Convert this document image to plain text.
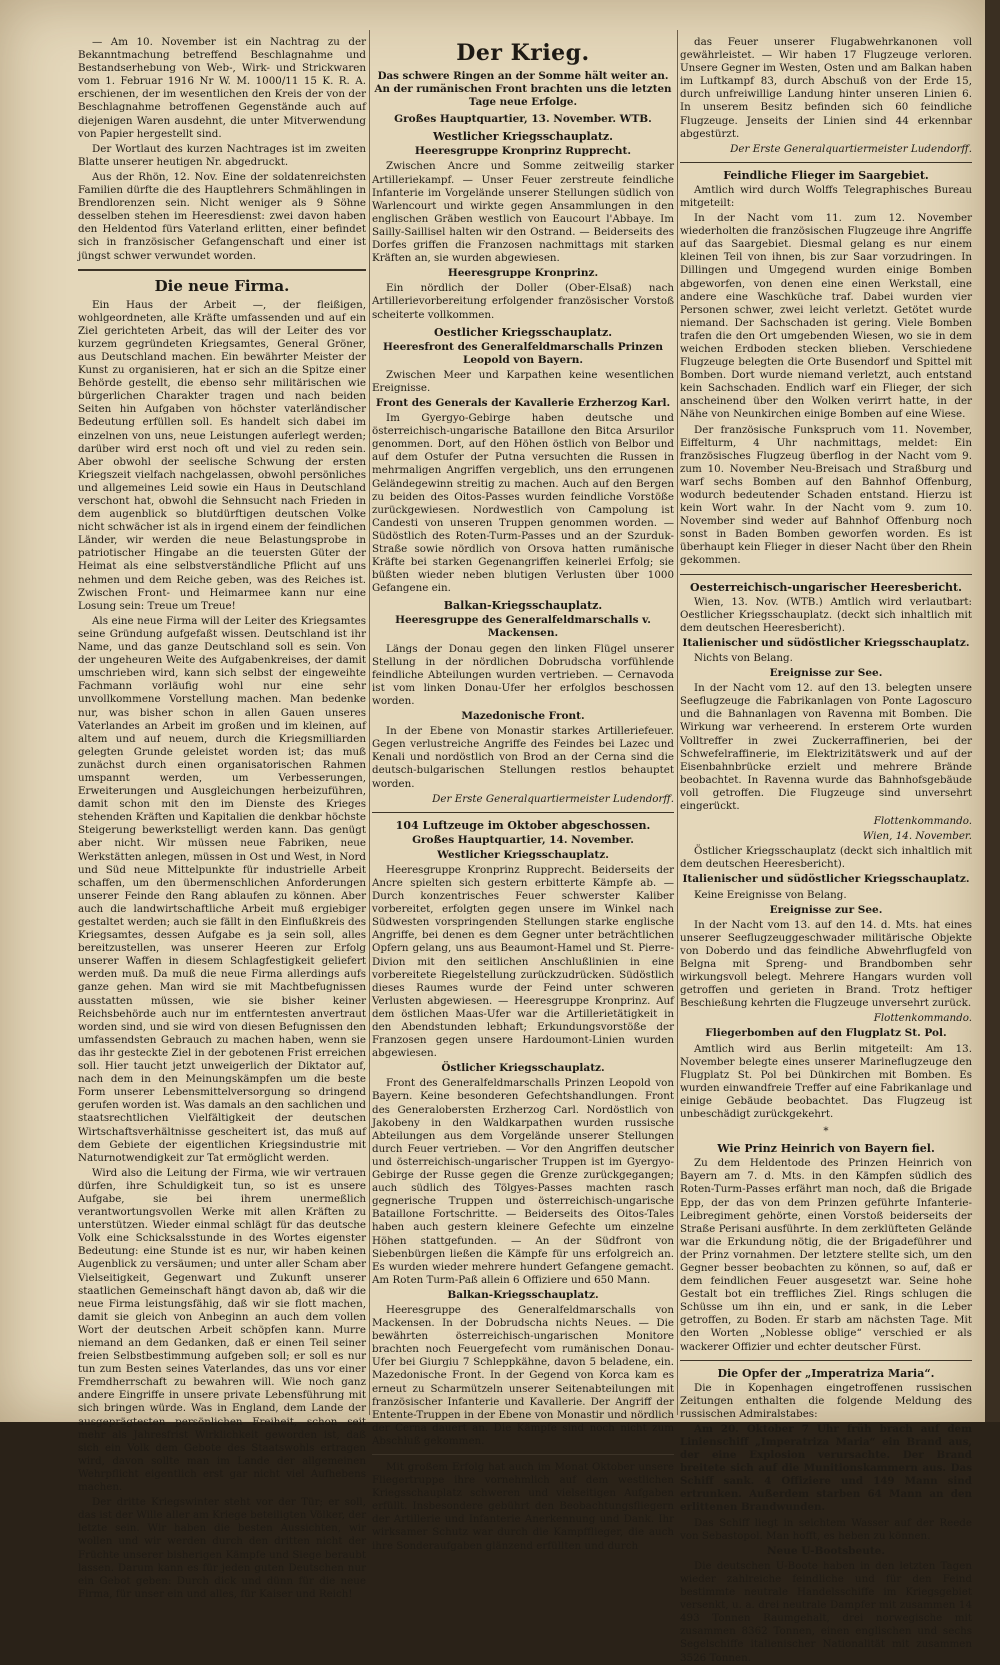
— Am 10. November ist ein Nachtrag zu der Bekanntmachung betreffend Beschlagnahme und Bestandserhebung von Web-, Wirk- und Strickwaren vom 1. Februar 1916 Nr W. M. 1000/11 15 K. R. A. erschienen, der im wesentlichen den Kreis der von der Beschlagnahme betroffenen Gegenstände auch auf diejenigen Waren ausdehnt, die unter Mitverwendung von Papier hergestellt sind.

Der Wortlaut des kurzen Nachtrages ist im zweiten Blatte unserer heutigen Nr. abgedruckt.

Aus der Rhön, 12. Nov. Eine der soldatenreichsten Familien dürfte die des Hauptlehrers Schmählingen in Brendlorenzen sein. Nicht weniger als 9 Söhne desselben stehen im Heeresdienst: zwei davon haben den Heldentod fürs Vaterland erlitten, einer befindet sich in französischer Gefangenschaft und einer ist jüngst schwer verwundet worden.

Die neue Firma.

Ein Haus der Arbeit —, der fleißigen, wohlgeordneten, alle Kräfte umfassenden und auf ein Ziel gerichteten Arbeit, das will der Leiter des vor kurzem gegründeten Kriegsamtes, General Gröner, aus Deutschland machen. Ein bewährter Meister der Kunst zu organisieren, hat er sich an die Spitze einer Behörde gestellt, die ebenso sehr militärischen wie bürgerlichen Charakter tragen und nach beiden Seiten hin Aufgaben von höchster vaterländischer Bedeutung erfüllen soll. Es handelt sich dabei im einzelnen von uns, neue Leistungen auferlegt werden; darüber wird erst noch oft und viel zu reden sein. Aber obwohl der seelische Schwung der ersten Kriegszeit vielfach nachgelassen, obwohl persönliches und allgemeines Leid sowie ein Haus in Deutschland verschont hat, obwohl die Sehnsucht nach Frieden in dem augenblick so blutdürftigen deutschen Volke nicht schwächer ist als in irgend einem der feindlichen Länder, wir werden die neue Belastungsprobe in patriotischer Hingabe an die teuersten Güter der Heimat als eine selbstverständliche Pflicht auf uns nehmen und dem Reiche geben, was des Reiches ist. Zwischen Front- und Heimarmee kann nur eine Losung sein: Treue um Treue!

Als eine neue Firma will der Leiter des Kriegsamtes seine Gründung aufgefaßt wissen. Deutschland ist ihr Name, und das ganze Deutschland soll es sein. Von der ungeheuren Weite des Aufgabenkreises, der damit umschrieben wird, kann sich selbst der eingeweihte Fachmann vorläufig wohl nur eine sehr unvollkommene Vorstellung machen. Man bedenke nur, was bisher schon in allen Gauen unseres Vaterlandes an Arbeit im großen und im kleinen, auf altem und auf neuem, durch die Kriegsmilliarden gelegten Grunde geleistet worden ist; das muß zunächst durch einen organisatorischen Rahmen umspannt werden, um Verbesserungen, Erweiterungen und Ausgleichungen herbeizuführen, damit schon mit den im Dienste des Krieges stehenden Kräften und Kapitalien die denkbar höchste Steigerung bewerkstelligt werden kann. Das genügt aber nicht. Wir müssen neue Fabriken, neue Werkstätten anlegen, müssen in Ost und West, in Nord und Süd neue Mittelpunkte für industrielle Arbeit schaffen, um den übermenschlichen Anforderungen unserer Feinde den Rang ablaufen zu können. Aber auch die landwirtschaftliche Arbeit muß ergiebiger gestaltet werden; auch sie fällt in den Einflußkreis des Kriegsamtes, dessen Aufgabe es ja sein soll, alles bereitzustellen, was unserer Heeren zur Erfolg unserer Waffen in diesem Schlagfestigkeit geliefert werden muß. Da muß die neue Firma allerdings aufs ganze gehen. Man wird sie mit Machtbefugnissen ausstatten müssen, wie sie bisher keiner Reichsbehörde auch nur im entferntesten anvertraut worden sind, und sie wird von diesen Befugnissen den umfassendsten Gebrauch zu machen haben, wenn sie das ihr gesteckte Ziel in der gebotenen Frist erreichen soll. Hier taucht jetzt unweigerlich der Diktator auf, nach dem in den Meinungskämpfen um die beste Form unserer Lebensmittelversorgung so dringend gerufen worden ist. Was damals an den sachlichen und staatsrechtlichen Vielfältigkeit der deutschen Wirtschaftsverhältnisse gescheitert ist, das muß auf dem Gebiete der eigentlichen Kriegsindustrie mit Naturnotwendigkeit zur Tat ermöglicht werden.

Wird also die Leitung der Firma, wie wir vertrauen dürfen, ihre Schuldigkeit tun, so ist es unsere Aufgabe, sie bei ihrem unermeßlich verantwortungsvollen Werke mit allen Kräften zu unterstützen. Wieder einmal schlägt für das deutsche Volk eine Schicksalsstunde in des Wortes eigenster Bedeutung: eine Stunde ist es nur, wir haben keinen Augenblick zu versäumen; und unter aller Scham aber Vielseitigkeit, Gegenwart und Zukunft unserer staatlichen Gemeinschaft hängt davon ab, daß wir die neue Firma leistungsfähig, daß wir sie flott machen, damit sie gleich von Anbeginn an auch dem vollen Wort der deutschen Arbeit schöpfen kann. Murre niemand an dem Gedanken, daß er einen Teil seiner freien Selbstbestimmung aufgeben soll; er soll es nur tun zum Besten seines Vaterlandes, das uns vor einer Fremdherrschaft zu bewahren will. Wie noch ganz andere Eingriffe in unsere private Lebensführung mit sich bringen würde. Was in England, dem Lande der ausgeprägtesten persönlichen Freiheit, schon seit mehr als Jahresfrist Wirklichkeit geworden ist, daß sich ein Volk dem Gebote des Staatswohls ertragen wird, davon sollte man im Lande der allgemeinen Wehrpflicht eigentlich erst gar nicht viel Aufhebens machen.

Der dritte Kriegswinter steht vor der Tür; er soll, das ist der Wille aller am Kriege beteiligten Völker, der letzte sein. Wir haben die besten Aussichten, wir wollen und wir werden durch den dritten nicht der Früchte unserer bisherigen Kämpfe und Siege beraubt lassen. Darum kann es für jeden guten Deutschen nur ein Gebot geben: Durch dick und dünn für die neue Firma, für unser ein und alles, für Kaiser und Reich!

Der Krieg.
Das schwere Ringen an der Somme hält weiter an. An der rumänischen Front brachten uns die letzten Tage neue Erfolge.
Großes Hauptquartier, 13. November. WTB.
Westlicher Kriegsschauplatz.
Heeresgruppe Kronprinz Rupprecht.

Zwischen Ancre und Somme zeitweilig starker Artilleriekampf. — Unser Feuer zerstreute feindliche Infanterie im Vorgelände unserer Stellungen südlich von Warlencourt und wirkte gegen Ansammlungen in den englischen Gräben westlich von Eaucourt l'Abbaye. Im Sailly-Saillisel halten wir den Ostrand. — Beiderseits des Dorfes griffen die Franzosen nachmittags mit starken Kräften an, sie wurden abgewiesen.

Heeresgruppe Kronprinz.

Ein nördlich der Doller (Ober-Elsaß) nach Artillerievorbereitung erfolgender französischer Vorstoß scheiterte vollkommen.

Oestlicher Kriegsschauplatz.
Heeresfront des Generalfeldmarschalls Prinzen Leopold von Bayern.

Zwischen Meer und Karpathen keine wesentlichen Ereignisse.

Front des Generals der Kavallerie Erzherzog Karl.

Im Gyergyo-Gebirge haben deutsche und österreichisch-ungarische Bataillone den Bitca Arsurilor genommen. Dort, auf den Höhen östlich von Belbor und auf dem Ostufer der Putna versuchten die Russen in mehrmaligen Angriffen vergeblich, uns den errungenen Geländegewinn streitig zu machen. Auch auf den Bergen zu beiden des Oitos-Passes wurden feindliche Vorstöße zurückgewiesen. Nordwestlich von Campolung ist Candesti von unseren Truppen genommen worden. — Südöstlich des Roten-Turm-Passes und an der Szurduk-Straße sowie nördlich von Orsova hatten rumänische Kräfte bei starken Gegenangriffen keinerlei Erfolg; sie büßten wieder neben blutigen Verlusten über 1000 Gefangene ein.

Balkan-Kriegsschauplatz.
Heeresgruppe des Generalfeldmarschalls v. Mackensen.

Längs der Donau gegen den linken Flügel unserer Stellung in der nördlichen Dobrudscha vorfühlende feindliche Abteilungen wurden vertrieben. — Cernavoda ist vom linken Donau-Ufer her erfolglos beschossen worden.

Mazedonische Front.

In der Ebene von Monastir starkes Artilleriefeuer. Gegen verlustreiche Angriffe des Feindes bei Lazec und Kenali und nordöstlich von Brod an der Cerna sind die deutsch-bulgarischen Stellungen restlos behauptet worden.

Der Erste Generalquartiermeister Ludendorff.
104 Luftzeuge im Oktober abgeschossen.
Großes Hauptquartier, 14. November.
Westlicher Kriegsschauplatz.

Heeresgruppe Kronprinz Rupprecht. Beiderseits der Ancre spielten sich gestern erbitterte Kämpfe ab. — Durch konzentrisches Feuer schwerster Kaliber vorbereitet, erfolgten gegen unsere im Winkel nach Südwesten vorspringenden Stellungen starke englische Angriffe, bei denen es dem Gegner unter beträchtlichen Opfern gelang, uns aus Beaumont-Hamel und St. Pierre-Divion mit den seitlichen Anschlußlinien in eine vorbereitete Riegelstellung zurückzudrücken. Südöstlich dieses Raumes wurde der Feind unter schweren Verlusten abgewiesen. — Heeresgruppe Kronprinz. Auf dem östlichen Maas-Ufer war die Artillerietätigkeit in den Abendstunden lebhaft; Erkundungsvorstöße der Franzosen gegen unsere Hardoumont-Linien wurden abgewiesen.

Östlicher Kriegsschauplatz.

Front des Generalfeldmarschalls Prinzen Leopold von Bayern. Keine besonderen Gefechtshandlungen. Front des Generalobersten Erzherzog Carl. Nordöstlich von Jakobeny in den Waldkarpathen wurden russische Abteilungen aus dem Vorgelände unserer Stellungen durch Feuer vertrieben. — Vor den Angriffen deutscher und österreichisch-ungarischer Truppen ist im Gyergyo-Gebirge der Russe gegen die Grenze zurückgegangen; auch südlich des Tölgyes-Passes machten rasch gegnerische Truppen und österreichisch-ungarische Bataillone Fortschritte. — Beiderseits des Oitos-Tales haben auch gestern kleinere Gefechte um einzelne Höhen stattgefunden. — An der Südfront von Siebenbürgen ließen die Kämpfe für uns erfolgreich an. Es wurden wieder mehrere hundert Gefangene gemacht. Am Roten Turm-Paß allein 6 Offiziere und 650 Mann.

Balkan-Kriegsschauplatz.

Heeresgruppe des Generalfeldmarschalls von Mackensen. In der Dobrudscha nichts Neues. — Die bewährten österreichisch-ungarischen Monitore brachten noch Feuergefecht vom rumänischen Donau-Ufer bei Giurgiu 7 Schleppkähne, davon 5 beladene, ein. Mazedonische Front. In der Gegend von Korca kam es erneut zu Scharmützeln unserer Seitenabteilungen mit französischer Infanterie und Kavallerie. Der Angriff der Entente-Truppen in der Ebene von Monastir und nördlich der Cerna dauert an. Die Kämpfe sind noch nicht zum Abschluß gekommen.

Mit großem Erfolg hat auch im Monat Oktober unsere Fliegertruppe ihre vornehmlich auf dem westlichen Kriegsschauplatz schweren und vielseitigen Aufgaben erfüllt. Insbesondere gebührt den Beobachtungsfliegern der Artillerie und Infanterie Anerkennung und Dank. Ihr wirksamer Schutz war durch die Kampfflieger, die auch ihre Sonderaufgaben glänzend erfüllten und durch

das Feuer unserer Flugabwehrkanonen voll gewährleistet. — Wir haben 17 Flugzeuge verloren. Unsere Gegner im Westen, Osten und am Balkan haben im Luftkampf 83, durch Abschuß von der Erde 15, durch unfreiwillige Landung hinter unseren Linien 6. In unserem Besitz befinden sich 60 feindliche Flugzeuge. Jenseits der Linien sind 44 erkennbar abgestürzt.

Der Erste Generalquartiermeister Ludendorff.
Feindliche Flieger im Saargebiet.

Amtlich wird durch Wolffs Telegraphisches Bureau mitgeteilt:

In der Nacht vom 11. zum 12. November wiederholten die französischen Flugzeuge ihre Angriffe auf das Saargebiet. Diesmal gelang es nur einem kleinen Teil von ihnen, bis zur Saar vorzudringen. In Dillingen und Umgegend wurden einige Bomben abgeworfen, von denen eine einen Werkstall, eine andere eine Waschküche traf. Dabei wurden vier Personen schwer, zwei leicht verletzt. Getötet wurde niemand. Der Sachschaden ist gering. Viele Bomben trafen die den Ort umgebenden Wiesen, wo sie in dem weichen Erdboden stecken blieben. Verschiedene Flugzeuge belegten die Orte Busendorf und Spittel mit Bomben. Dort wurde niemand verletzt, auch entstand kein Sachschaden. Endlich warf ein Flieger, der sich anscheinend über den Wolken verirrt hatte, in der Nähe von Neunkirchen einige Bomben auf eine Wiese.

Der französische Funkspruch vom 11. November, Eiffelturm, 4 Uhr nachmittags, meldet: Ein französisches Flugzeug überflog in der Nacht vom 9. zum 10. November Neu-Breisach und Straßburg und warf sechs Bomben auf den Bahnhof Offenburg, wodurch bedeutender Schaden entstand. Hierzu ist kein Wort wahr. In der Nacht vom 9. zum 10. November sind weder auf Bahnhof Offenburg noch sonst in Baden Bomben geworfen worden. Es ist überhaupt kein Flieger in dieser Nacht über den Rhein gekommen.

Oesterreichisch-ungarischer Heeresbericht.

Wien, 13. Nov. (WTB.) Amtlich wird verlautbart: Oestlicher Kriegsschauplatz. (deckt sich inhaltlich mit dem deutschen Heeresbericht).

Italienischer und südöstlicher Kriegsschauplatz.

Nichts von Belang.

Ereignisse zur See.

In der Nacht vom 12. auf den 13. belegten unsere Seeflugzeuge die Fabrikanlagen von Ponte Lagoscuro und die Bahnanlagen von Ravenna mit Bomben. Die Wirkung war verheerend. In ersterem Orte wurden Volltreffer in zwei Zuckerraffinerien, bei der Schwefelraffinerie, im Elektrizitätswerk und auf der Eisenbahnbrücke erzielt und mehrere Brände beobachtet. In Ravenna wurde das Bahnhofsgebäude voll getroffen. Die Flugzeuge sind unversehrt eingerückt.

Flottenkommando.
Wien, 14. November.

Östlicher Kriegsschauplatz (deckt sich inhaltlich mit dem deutschen Heeresbericht).

Italienischer und südöstlicher Kriegsschauplatz.

Keine Ereignisse von Belang.

Ereignisse zur See.

In der Nacht vom 13. auf den 14. d. Mts. hat eines unserer Seeflugzeuggeschwader militärische Objekte von Doberdo und das feindliche Abwehrflugfeld von Belgna mit Spreng- und Brandbomben sehr wirkungsvoll belegt. Mehrere Hangars wurden voll getroffen und gerieten in Brand. Trotz heftiger Beschießung kehrten die Flugzeuge unversehrt zurück.

Flottenkommando.
Fliegerbomben auf den Flugplatz St. Pol.

Amtlich wird aus Berlin mitgeteilt: Am 13. November belegte eines unserer Marineflugzeuge den Flugplatz St. Pol bei Dünkirchen mit Bomben. Es wurden einwandfreie Treffer auf eine Fabrikanlage und einige Gebäude beobachtet. Das Flugzeug ist unbeschädigt zurückgekehrt.

*
Wie Prinz Heinrich von Bayern fiel.

Zu dem Heldentode des Prinzen Heinrich von Bayern am 7. d. Mts. in den Kämpfen südlich des Roten-Turm-Passes erfährt man noch, daß die Brigade Epp, der das von dem Prinzen geführte Infanterie-Leibregiment gehörte, einen Vorstoß beiderseits der Straße Perisani ausführte. In dem zerklüfteten Gelände war die Erkundung nötig, die der Brigadeführer und der Prinz vornahmen. Der letztere stellte sich, um den Gegner besser beobachten zu können, so auf, daß er dem feindlichen Feuer ausgesetzt war. Seine hohe Gestalt bot ein treffliches Ziel. Rings schlugen die Schüsse um ihn ein, und er sank, in die Leber getroffen, zu Boden. Er starb am nächsten Tage. Mit den Worten „Noblesse oblige“ verschied er als wackerer Offizier und echter deutscher Fürst.

Die Opfer der „Imperatriza Maria“.

Die in Kopenhagen eingetroffenen russischen Zeitungen enthalten die folgende Meldung des russischen Admiralstabes:

Am 20. Oktober 7 Uhr früh brach auf dem Linienschiff „Imperatriza Maria“ ein Brand aus, der eine Explosion verursachte. Der Brand breitete sich auf die Munitionskammern aus. Das Schiff sank. 4 Offiziere und 149 Mann sind ertrunken. Außerdem starben 64 Mann an den erlittenen Brandwunden.

Das Schiff liegt in seichtem Wasser auf der Reede von Sebastopol. Man hofft, es heben zu können.

Neue U-Bootsbeute.

Die deutschen U-Boote haben in den letzten Tagen wieder zahlreiche feindliche und für den Feind bestimmte neutrale Handelsschiffe im Kriegsgebiet versenkt, u. a. drei neutrale Dampfer mit zusammen 14 493 Tonnen Raumgehalt, drei norwegische mit zusammen 8362 Tonnen, einen englischen und sechs Segelschiffe italienischer Nationalität mit zusammen 3526 Tonnen.
